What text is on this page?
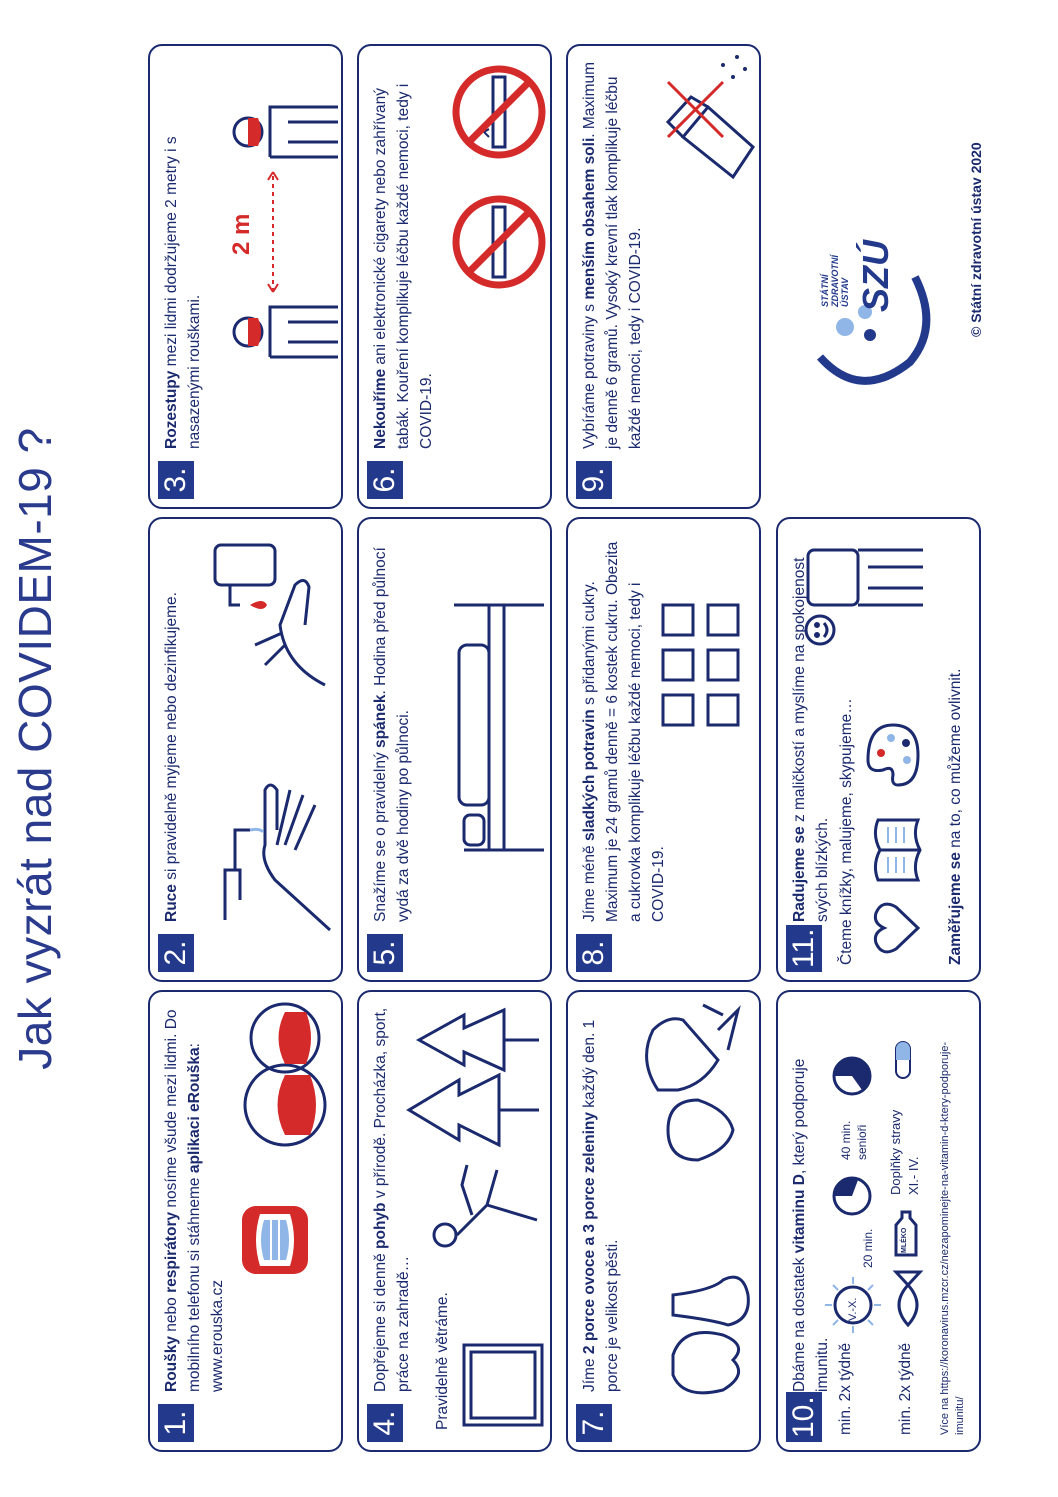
Jak vyzrát nad COVIDEM-19 ?
1.
Roušky nebo respirátory nosíme všude mezi lidmi. Do mobilního telefonu si stáhneme aplikaci eRouška: www.erouska.cz
2.
Ruce si pravidelně myjeme nebo dezinfikujeme.
3.
Rozestupy mezi lidmi dodržujeme 2 metry i s nasazenými rouškami.
2 m
4.
Dopřejeme si denně pohyb v přírodě. Procházka, sport, práce na zahradě… Pravidelně větráme.
5.
Snažíme se o pravidelný spánek. Hodina před půlnocí vydá za dvě hodiny po půlnoci.
6.
Nekouříme ani elektronické cigarety nebo zahřívaný tabák. Kouření komplikuje léčbu každé nemoci, tedy i COVID-19.
7.
Jíme 2 porce ovoce a 3 porce zeleniny každý den. 1 porce je velikost pěsti.
8.
Jíme méně sladkých potravin s přidanými cukry. Maximum je 24 gramů denně = 6 kostek cukru. Obezita a cukrovka komplikuje léčbu každé nemoci, tedy i COVID-19.
9.
Vybíráme potraviny s menším obsahem soli. Maximum je denně 6 gramů. Vysoký krevní tlak komplikuje léčbu každé nemoci, tedy i COVID-19.
10.
Dbáme na dostatek vitaminu D, který podporuje imunitu. min. 2x týdně	min. 2x týdně
V.-X.
20 min.
40 min. senioři
MLÉKO
Doplňky stravy XI.- IV. Více na https://koronavirus.mzcr.cz/nezapominejte-na-vitamin-d-ktery-podporuje-imunitu/
11.
Radujeme se z maličkostí a myslíme na spokojenost svých blízkých. Čteme knížky, malujeme, skypujeme…	Zaměřujeme se na to, co můžeme ovlivnit.
SZÚ
STÁTNÍ ZDRAVOTNÍ ÚSTAV	© Státní zdravotní ústav 2020
